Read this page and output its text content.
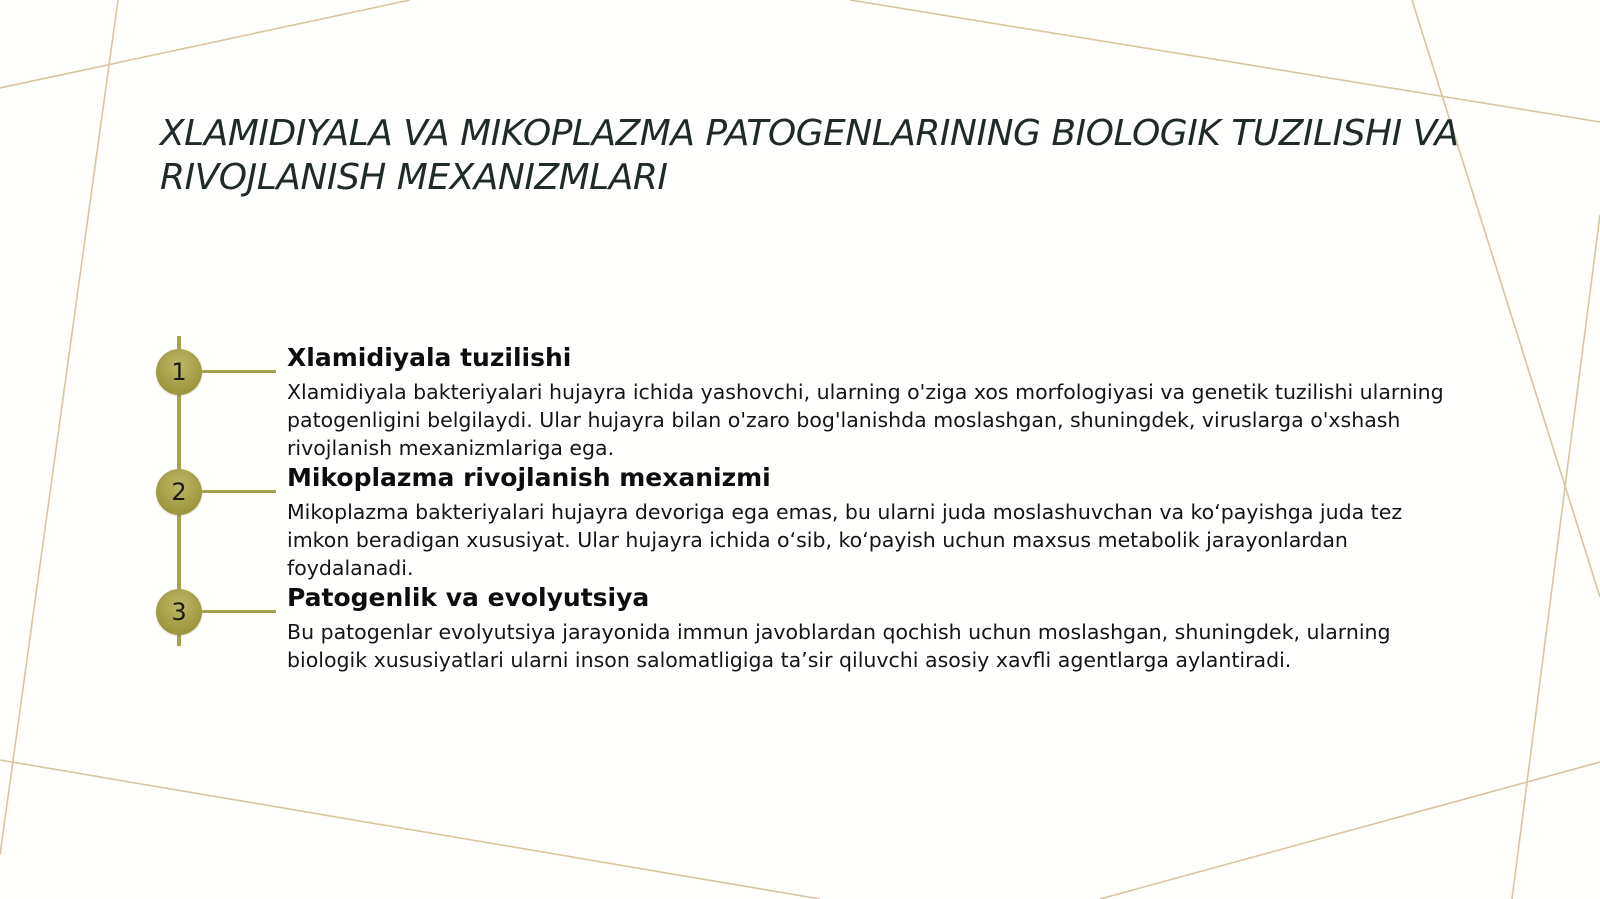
XLAMIDIYALA VA MIKOPLAZMA PATOGENLARINING BIOLOGIK TUZILISHI VA RIVOJLANISH MEXANIZMLARI
1	Xlamidiyala tuzilishi

Xlamidiyala bakteriyalari hujayra ichida yashovchi, ularning o'ziga xos morfologiyasi va genetik tuzilishi ularning patogenligini belgilaydi. Ular hujayra bilan o'zaro bog'lanishda moslashgan, shuningdek, viruslarga o'xshash rivojlanish mexanizmlariga ega.

2	Mikoplazma rivojlanish mexanizmi

Mikoplazma bakteriyalari hujayra devoriga ega emas, bu ularni juda moslashuvchan va ko‘payishga juda tez imkon beradigan xususiyat. Ular hujayra ichida o‘sib, ko‘payish uchun maxsus metabolik jarayonlardan foydalanadi.

3	Patogenlik va evolyutsiya

Bu patogenlar evolyutsiya jarayonida immun javoblardan qochish uchun moslashgan, shuningdek, ularning biologik xususiyatlari ularni inson salomatligiga ta’sir qiluvchi asosiy xavfli agentlarga aylantiradi.
